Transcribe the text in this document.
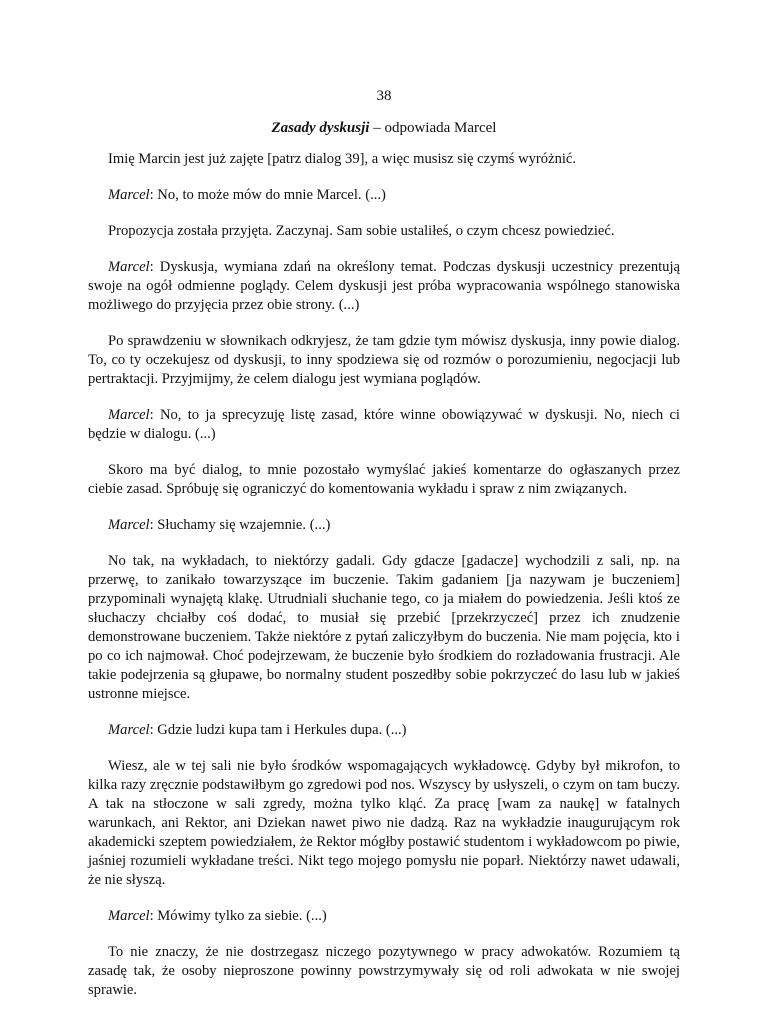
38
Zasady dyskusji – odpowiada Marcel

Imię Marcin jest już zajęte [patrz dialog 39], a więc musisz się czymś wyróżnić.

Marcel: No, to może mów do mnie Marcel. (...)

Propozycja została przyjęta. Zaczynaj. Sam sobie ustaliłeś, o czym chcesz powiedzieć.

Marcel: Dyskusja, wymiana zdań na określony temat. Podczas dyskusji uczestnicy prezentują swoje na ogół odmienne poglądy. Celem dyskusji jest próba wypracowania wspólnego stanowiska możliwego do przyjęcia przez obie strony. (...)

Po sprawdzeniu w słownikach odkryjesz, że tam gdzie tym mówisz dyskusja, inny powie dialog. To, co ty oczekujesz od dyskusji, to inny spodziewa się od rozmów o porozumieniu, negocjacji lub pertraktacji. Przyjmijmy, że celem dialogu jest wymiana poglądów.

Marcel: No, to ja sprecyzuję listę zasad, które winne obowiązywać w dyskusji. No, niech ci będzie w dialogu. (...)

Skoro ma być dialog, to mnie pozostało wymyślać jakieś komentarze do ogłaszanych przez ciebie zasad. Spróbuję się ograniczyć do komentowania wykładu i spraw z nim związanych.

Marcel: Słuchamy się wzajemnie. (...)

No tak, na wykładach, to niektórzy gadali. Gdy gdacze [gadacze] wychodzili z sali, np. na przerwę, to zanikało towarzyszące im buczenie. Takim gadaniem [ja nazywam je buczeniem] przypominali wynajętą klakę. Utrudniali słuchanie tego, co ja miałem do powiedzenia. Jeśli ktoś ze słuchaczy chciałby coś dodać, to musiał się przebić [przekrzyczeć] przez ich znudzenie demonstrowane buczeniem. Także niektóre z pytań zaliczyłbym do buczenia. Nie mam pojęcia, kto i po co ich najmował. Choć podejrzewam, że buczenie było środkiem do rozładowania frustracji. Ale takie podejrzenia są głupawe, bo normalny student poszedłby sobie pokrzyczeć do lasu lub w jakieś ustronne miejsce.

Marcel: Gdzie ludzi kupa tam i Herkules dupa. (...)

Wiesz, ale w tej sali nie było środków wspomagających wykładowcę. Gdyby był mikrofon, to kilka razy zręcznie podstawiłbym go zgredowi pod nos. Wszyscy by usłyszeli, o czym on tam buczy. A tak na stłoczone w sali zgredy, można tylko kląć. Za pracę [wam za naukę] w fatalnych warunkach, ani Rektor, ani Dziekan nawet piwo nie dadzą. Raz na wykładzie inaugurującym rok akademicki szeptem powiedziałem, że Rektor mógłby postawić studentom i wykładowcom po piwie, jaśniej rozumieli wykładane treści. Nikt tego mojego pomysłu nie poparł. Niektórzy nawet udawali, że nie słyszą.

Marcel: Mówimy tylko za siebie. (...)

To nie znaczy, że nie dostrzegasz niczego pozytywnego w pracy adwokatów. Rozumiem tą zasadę tak, że osoby nieproszone powinny powstrzymywały się od roli adwokata w nie swojej sprawie.
